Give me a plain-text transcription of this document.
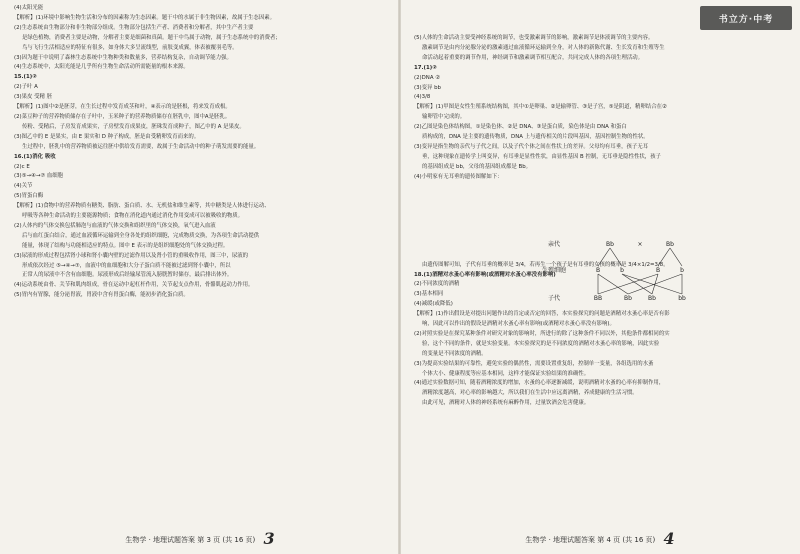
(4)太阳光能
【解析】(1)环境中影响生物生活和分布的因素称为生态因素。题干中的水属于非生物因素，故属于生态因素。
(2)生态系统由生物部分和非生物部分组成。生物部分包括生产者、消费者和分解者，其中生产者主要
是绿色植物，消费者主要是动物，分解者主要是细菌和真菌。题干中鸟属于动物，属于生态系统中的消费者；
鸟与飞行生活相适应的特征有很多，如身体大多呈流线型，前肢变成翼，体表被覆羽毛等。
(3)因为题干中说明了森林生态系统中生物种类和数量多，营养结构复杂，自动调节能力强。
(4)生态系统中，太阳光能是几乎所有生物生命活动所需能量的根本来源。
15.(1)②
(2)子叶 A
(3)果皮 受精 胚
【解析】(1)图中②是胚芽，在生长过程中发育成茎和叶，④表示的是胚根，将来发育成根。
(2)菜豆种子的营养物质储存在子叶中，玉米种子的营养物质储存在胚乳中，图中A是胚乳。
传粉、受精后，子房发育成果实，子房壁发育成果皮，胚珠发育成种子，图乙中的 A 是果皮。
(3)图乙中的 E 是果实，由 E 果实和 D 种子构成，胚是由受精卵发育而来的。
生过程中，胚乳中的营养物质被运往胚中供给发育需要，故属于生命活动中的种子萌发需要的能量。
16.(1)消化 吸收
(2)c E
(3)⑤→④→⑦ 血细胞
(4)关节
(5)胃蛋白酶
【解析】(1)食物中的营养物质有糖类、脂肪、蛋白质、水、无机盐和维生素等，其中糖类是人体进行运动、
呼吸等各种生命活动的主要能源物质；食物在消化道内通过消化作用变成可以被吸收的物质。
(2)人体内的气体交换包括肺泡与血液的气体交换和组织里的气体交换，氧气进入血液
后与血红蛋白结合，通过血液循环运输到全身各处的组织细胞，完成物质交换，为各项生命活动提供
能量，体现了结构与功能相适应的特点。图中 E 表示的是组织细胞处的气体交换过程。
(3)尿液的形成过程包括肾小球和肾小囊内壁的过滤作用以及肾小管的重吸收作用，图三中，尿液的
形成依次经过 ⑤→④→⑦，血液中的血细胞和大分子蛋白质不能被过滤到肾小囊中，所以
正常人的尿液中不含有血细胞。尿液形成后经输尿管流入膀胱暂时储存，最后排出体外。
(4)运动系统由骨、关节和肌肉组成，骨在运动中起杠杆作用，关节起支点作用，骨骼肌起动力作用。
(5)胃内有胃腺，能分泌胃液，胃液中含有胃蛋白酶，能初步消化蛋白质。
(5)人体的生命活动主要受神经系统的调节，也受激素调节的影响，激素调节是体液调节的主要内容。
激素调节是由内分泌腺分泌的激素通过血液循环运输到全身，对人体的新陈代谢、生长发育和生殖等生
命活动起着重要的调节作用，神经调节和激素调节相互配合，共同完成人体的各项生理活动。
17.(1)②
(2)DNA ②
(3)变异 bb
(4)3/8
【解析】(1)甲图是女性生殖系统结构图，其中①是卵巢、②是输卵管、③是子宫，⑤是阴道，精卵结合在②
输卵管中完成的。
(2)乙图是染色体结构图，①是染色体、②是 DNA、③是蛋白质，染色体是由 DNA 和蛋白
质构成的，DNA 是主要的遗传物质，DNA 上与遗传相关的片段叫基因，基因控制生物的性状。
(3)变异是指生物的亲代与子代之间，以及子代个体之间在性状上的差异。父母均有耳垂，孩子无耳
垂，这种现象在遗传学上叫变异，有耳垂是显性性状，由显性基因 B 控制，无耳垂是隐性性状，孩子
的基因组成是 bb，父母的基因组成都是 Bb。
(4)小明家有无耳垂的遗传图解如下：
由遗传图解可知，子代有耳垂的概率是 3/4，若再生一个孩子是有耳垂的女孩的概率是 3/4×1/2=3/8。
18.(1)酒精对水蚤心率有影响(或酒精对水蚤心率没有影响)
(2)不同浓度的酒精
(3)基本相同
(4)减缓(或降低)
【解析】(1)作出假设是对提出问题作出的肯定或否定的回答，本实验探究的问题是酒精对水蚤心率是否有影
响，因此可以作出的假设是酒精对水蚤心率有影响(或酒精对水蚤心率没有影响)。
(2)对照实验是在探究某种条件对研究对象的影响时，所进行的除了这种条件不同以外，其他条件都相同的实
验，这个不同的条件，就是实验变量。本实验探究的是不同浓度的酒精对水蚤心率的影响，因此实验
的变量是不同浓度的酒精。
(3)为提高实验结果的可靠性，避免实验的偶然性，需要设置重复组，控制单一变量，各组选用的水蚤
个体大小、健康程度等应基本相同，这样才能保证实验结果的准确性。
(4)通过实验数据可知，随着酒精浓度的增加，水蚤的心率逐渐减缓，说明酒精对水蚤的心率有抑制作用，
酒精浓度越高，对心率的影响越大，所以我们在生活中应远离酒精，养成健康的生活习惯。
由此可见，酒精对人体的神经系统有麻醉作用，过量饮酒会危害健康。
书立方·中考
亲代
生殖细胞
子代
Bb	×	Bb
B	b	B	b
BB	Bb	Bb	bb
生物学 · 地理试题答案 第 3 页 (共 16 页) 3	生物学 · 地理试题答案 第 4 页 (共 16 页) 4
